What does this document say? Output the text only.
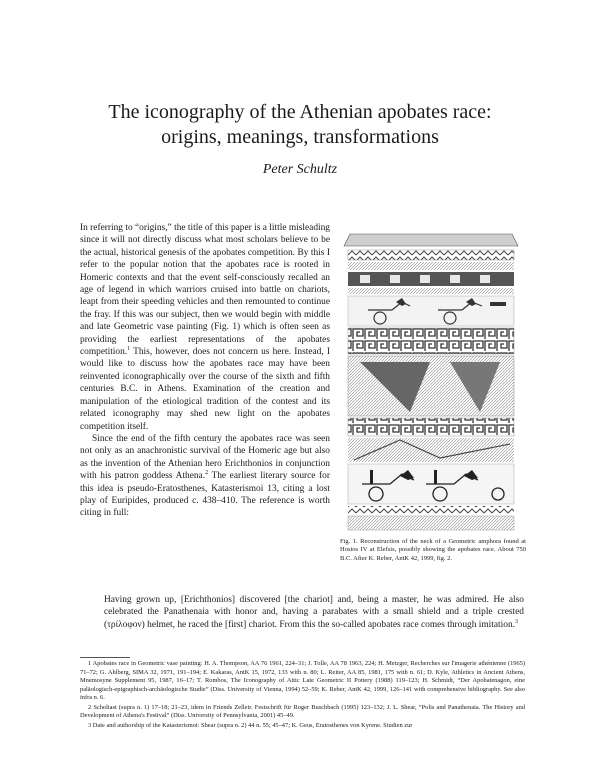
The iconography of the Athenian apobates race:
origins, meanings, transformations
Peter Schultz

In referring to “origins,” the title of this paper is a little misleading since it will not directly discuss what most scholars believe to be the actual, historical genesis of the apobates competition. By this I refer to the popular notion that the apobates race is rooted in Homeric contexts and that the event self-consciously recalled an age of legend in which warriors cruised into battle on chariots, leapt from their speeding vehicles and then remounted to continue the fray. If this was our subject, then we would begin with middle and late Geometric vase painting (Fig. 1) which is often seen as providing the earliest representations of the apobates competition.$^1$ This, however, does not concern us here. Instead, I would like to discuss how the apobates race may have been reinvented iconographically over the course of the sixth and fifth centuries B.C. in Athens. Examination of the creation and manipulation of the etiological tradition of the contest and its related iconography may shed new light on the apobates competition itself.

Since the end of the fifth century the apobates race was seen not only as an anachronistic survival of the Homeric age but also as the invention of the Athenian hero Erichthonios in conjunction with his patron goddess Athena.$^2$ The earliest literary source for this idea is pseudo-Eratosthenes, Katasterismoi 13, citing a lost play of Euripides, produced c. 438–410. The reference is worth citing in full:

Fig. 1. Reconstruction of the neck of a Geometric amphora found at Hosios IV at Elefsis, possibly showing the apobates race. About 750 B.C. After K. Reber, AntK 42, 1999, fig. 2.
Having grown up, [Erichthonios] discovered [the chariot] and, being a master, he was admired. He also celebrated the Panathenaia with honor and, having a parabates with a small shield and a triple crested (τρίλοφον) helmet, he raced the [first] chariot. From this the so-called apobates race comes through imitation.$^3$

1 Apobates race in Geometric vase painting: H. A. Thompson, AA 76 1961, 224–31; J. Tolle, AA 78 1963, 224; H. Metzger, Recherches sur l'imagerie athénienne (1965) 71–72; G. Ahlberg, SIMA 32, 1971, 191–194; E. Kakaras, AntK 15, 1972, 133 with n. 80; L. Reiter, AA 85, 1981, 175 with n. 61; D. Kyle, Athletics in Ancient Athens, Mnemosyne Supplement 95, 1987, 16–17; T. Rombos, The Iconography of Attic Late Geometric II Pottery (1988) 119–123; H. Schmidt, “Der Apobatenagon, eine paläologisch-epigraphisch-archäologische Studie” (Diss. University of Vienna, 1994) 52–59; K. Reber, AntK 42, 1999, 126–141 with comprehensive bibliography. See also infra n. 6.

2 Scholiast (supra n. 1) 17–18; 21–23, idem in Friends Zelleir. Festschrift für Roger Buschbach (1995) 123–132; J. L. Shear, “Polis and Panathenaia. The History and Development of Athena's Festival” (Diss. University of Pennsylvania, 2001) 45–49.

3 Date and authorship of the Katasterismoi: Shear (supra n. 2) 44 n. 55; 45–47; K. Geus, Eratosthenes von Kyrene. Studien zur
